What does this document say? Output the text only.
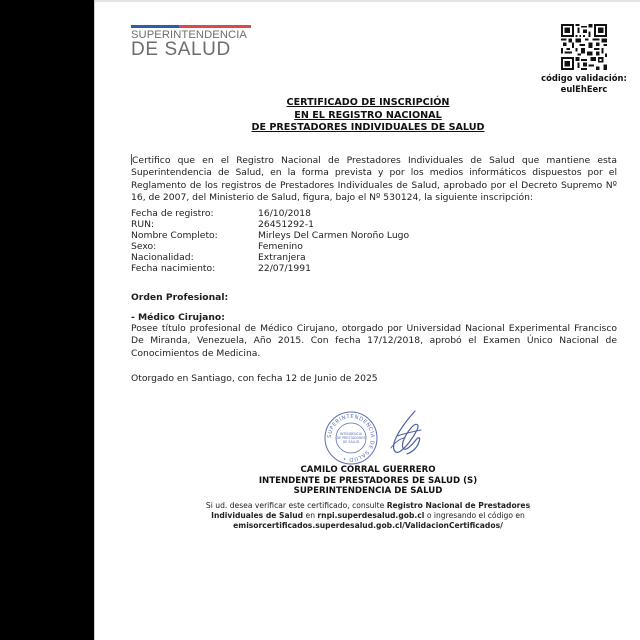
SUPERINTENDENCIA
DE SALUD
código validación:
eulEhEerc
CERTIFICADO DE INSCRIPCIÓN
EN EL REGISTRO NACIONAL
DE PRESTADORES INDIVIDUALES DE SALUD
Certifico que en el Registro Nacional de Prestadores Individuales de Salud que mantiene esta Superintendencia de Salud, en la forma prevista y por los medios informáticos dispuestos por el Reglamento de los registros de Prestadores Individuales de Salud, aprobado por el Decreto Supremo Nº 16, de 2007, del Ministerio de Salud, figura, bajo el Nº 530124, la siguiente inscripción:
Fecha de registro:	16/10/2018
RUN:	26451292-1
Nombre Completo:	Mirleys Del Carmen Noroño Lugo
Sexo:	Femenino
Nacionalidad:	Extranjera
Fecha nacimiento:	22/07/1991
Orden Profesional:
- Médico Cirujano:
Posee título profesional de Médico Cirujano, otorgado por Universidad Nacional Experimental Francisco De Miranda, Venezuela, Año 2015. Con fecha 17/12/2018, aprobó el Examen Único Nacional de Conocimientos de Medicina.
Otorgado en Santiago, con fecha 12 de Junio de 2025
SUPERINTENDENCIA DE SALUD •
INTENDENCIA
DE PRESTADORES
DE SALUD
CAMILO CORRAL GUERRERO
INTENDENTE DE PRESTADORES DE SALUD (S)
SUPERINTENDENCIA DE SALUD
Si ud. desea verificar este certificado, consulte Registro Nacional de Prestadores Individuales de Salud en rnpi.superdesalud.gob.cl o ingresando el código en
emisorcertificados.superdesalud.gob.cl/ValidacionCertificados/
